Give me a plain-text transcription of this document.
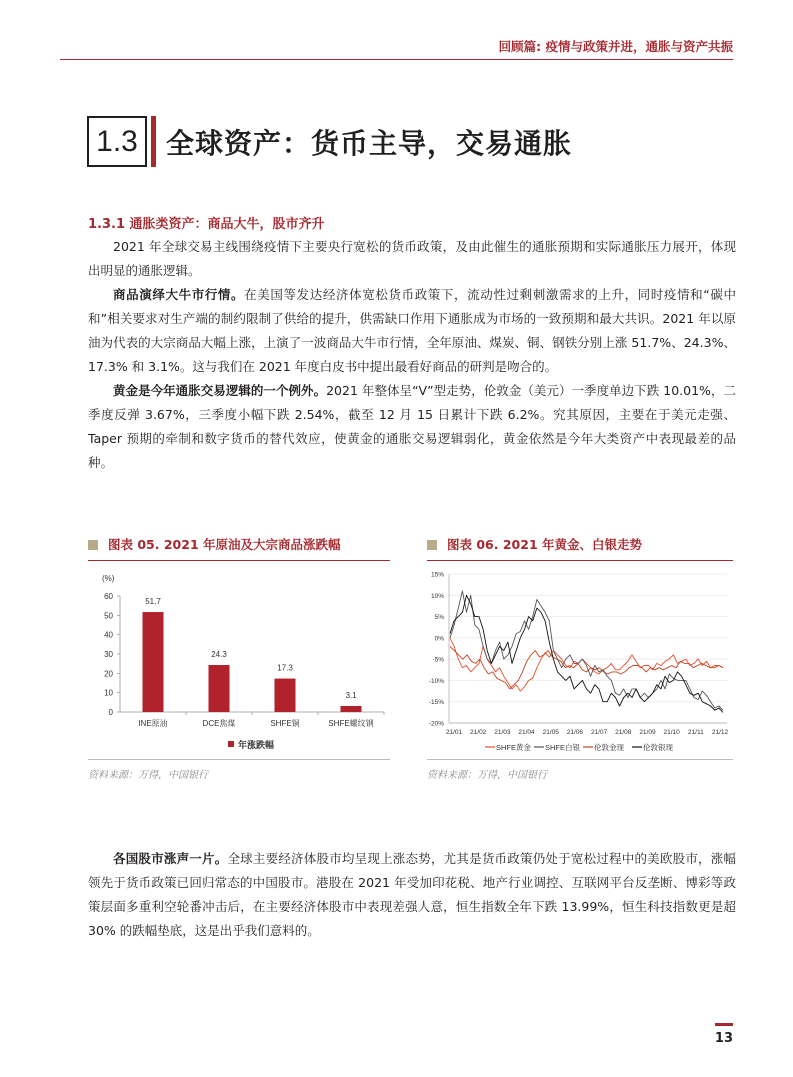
回顾篇: 疫情与政策并进，通胀与资产共振
1.3	全球资产：货币主导，交易通胀
1.3.1 通胀类资产：商品大牛，股市齐升

2021 年全球交易主线围绕疫情下主要央行宽松的货币政策，及由此催生的通胀预期和实际通胀压力展开，体现出明显的通胀逻辑。

商品演绎大牛市行情。在美国等发达经济体宽松货币政策下，流动性过剩刺激需求的上升，同时疫情和“碳中和”相关要求对生产端的制约限制了供给的提升，供需缺口作用下通胀成为市场的一致预期和最大共识。2021 年以原油为代表的大宗商品大幅上涨，上演了一波商品大牛市行情，全年原油、煤炭、铜、钢铁分别上涨 51.7%、24.3%、17.3% 和 3.1%。这与我们在 2021 年度白皮书中提出最看好商品的研判是吻合的。

黄金是今年通胀交易逻辑的一个例外。2021 年整体呈“V”型走势，伦敦金（美元）一季度单边下跌 10.01%，二季度反弹 3.67%，三季度小幅下跌 2.54%，截至 12 月 15 日累计下跌 6.2%。究其原因，主要在于美元走强、Taper 预期的牵制和数字货币的替代效应，使黄金的通胀交易逻辑弱化，黄金依然是今年大类资产中表现最差的品种。

图表 05. 2021 年原油及大宗商品涨跌幅
(%)
0
10
20
30
40
50
60
51.7
INE原油
24.3
DCE焦煤
17.3
SHFE铜
3.1
SHFE螺纹钢
年涨跌幅
资料来源：万得，中国银行
图表 06. 2021 年黄金、白银走势
15%
10%
5%
0%
-5%
-10%
-15%
-20%
21/01 21/02 21/03 21/04 21/05 21/06 21/07 21/08 21/09 21/10 21/11 21/12
SHFE黄金 SHFE白银 伦敦金现	伦敦银现
资料来源：万得，中国银行

各国股市涨声一片。全球主要经济体股市均呈现上涨态势，尤其是货币政策仍处于宽松过程中的美欧股市，涨幅领先于货币政策已回归常态的中国股市。港股在 2021 年受加印花税、地产行业调控、互联网平台反垄断、博彩等政策层面多重利空轮番冲击后，在主要经济体股市中表现差强人意，恒生指数全年下跌 13.99%，恒生科技指数更是超 30% 的跌幅垫底，这是出乎我们意料的。

13
